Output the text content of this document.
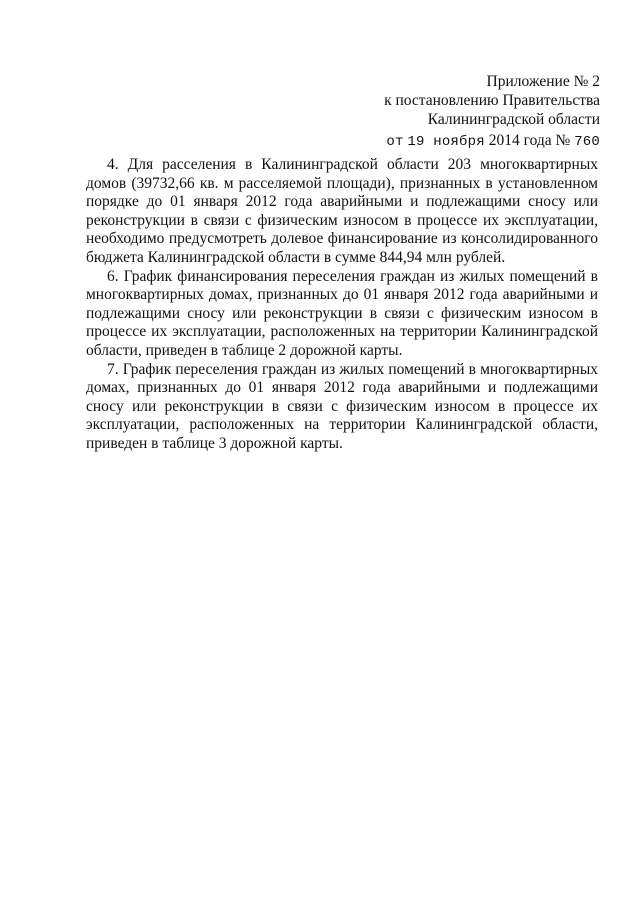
Приложение № 2
к постановлению Правительства
Калининградской области
от 19 ноября 2014 года № 760

4. Для расселения в Калининградской области 203 многоквартирных домов (39732,66 кв. м расселяемой площади), признанных в установленном порядке до 01 января 2012 года аварийными и подлежащими сносу или реконструкции в связи с физическим износом в процессе их эксплуатации, необходимо предусмотреть долевое финансирование из консолидированного бюджета Калининградской области в сумме 844,94 млн рублей.

6. График финансирования переселения граждан из жилых помещений в многоквартирных домах, признанных до 01 января 2012 года аварийными и подлежащими сносу или реконструкции в связи с физическим износом в процессе их эксплуатации, расположенных на территории Калининградской области, приведен в таблице 2 дорожной карты.

7. График переселения граждан из жилых помещений в многоквартирных домах, признанных до 01 января 2012 года аварийными и подлежащими сносу или реконструкции в связи с физическим износом в процессе их эксплуатации, расположенных на территории Калининградской области, приведен в таблице 3 дорожной карты.
